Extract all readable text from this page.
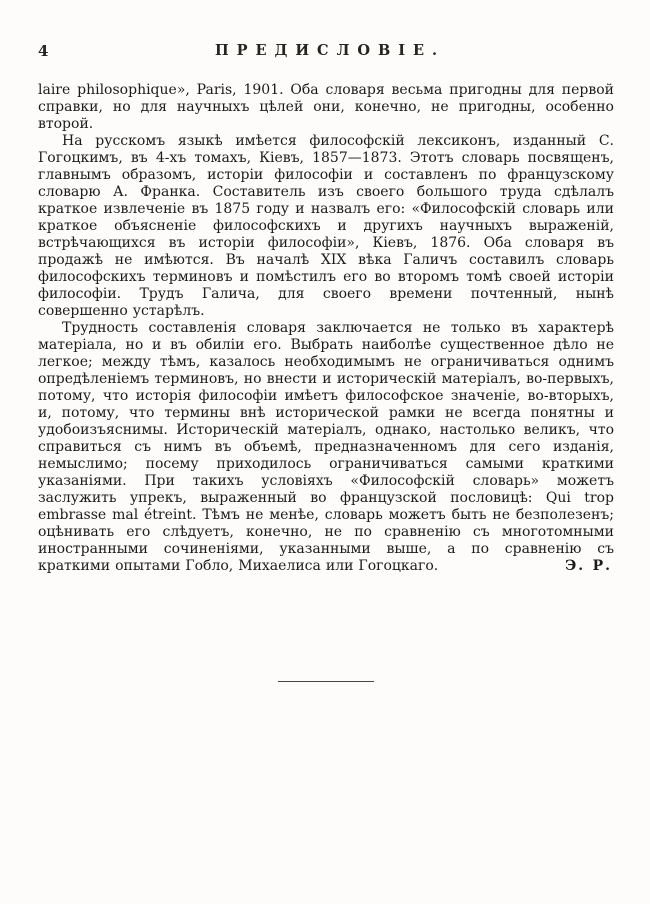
4	ПРЕДИСЛОВІЕ.

laire philosophique», Paris, 1901. Оба словаря весьма пригодны для первой справки, но для научныхъ цѣлей они, конечно, не пригодны, особенно второй.

На русскомъ языкѣ имѣется философскій лексиконъ, изданный С. Гогоцкимъ, въ 4-хъ томахъ, Кіевъ, 1857—1873. Этотъ словарь посвященъ, главнымъ образомъ, исторіи философіи и составленъ по французскому словарю А. Франка. Составитель изъ своего большого труда сдѣлалъ краткое извлеченіе въ 1875 году и назвалъ его: «Философскій словарь или краткое объясненіе философскихъ и другихъ научныхъ выраженій, встрѣчающихся въ исторіи философіи», Кіевъ, 1876. Оба словаря въ продажѣ не имѣются. Въ началѣ XIX вѣка Галичъ составилъ словарь философскихъ терминовъ и помѣстилъ его во второмъ томѣ своей исторіи философіи. Трудъ Галича, для своего времени почтенный, нынѣ совершенно устарѣлъ.

Трудность составленія словаря заключается не только въ характерѣ матеріала, но и въ обиліи его. Выбрать наиболѣе существенное дѣло не легкое; между тѣмъ, казалось необходимымъ не ограничиваться однимъ опредѣленіемъ терминовъ, но внести и историческій матеріалъ, во-первыхъ, потому, что исторія философіи имѣетъ философское значеніе, во-вторыхъ, и, потому, что термины внѣ исторической рамки не всегда понятны и удобоизъяснимы. Историческій матеріалъ, однако, настолько великъ, что справиться съ нимъ въ объемѣ, предназначенномъ для сего изданія, немыслимо; посему приходилось ограничиваться самыми краткими указаніями. При такихъ условіяхъ «Философскій словарь» можетъ заслужить упрекъ, выраженный во французской пословицѣ: Qui trop embrasse mal étreint. Тѣмъ не менѣе, словарь можетъ быть не безполезенъ; оцѣнивать его слѣдуетъ, конечно, не по сравненію съ многотомными иностранными сочиненіями, указанными выше, а по сравненію съ краткими опытами Гобло, Михаелиса или Гогоцкаго.	Э. Р.
